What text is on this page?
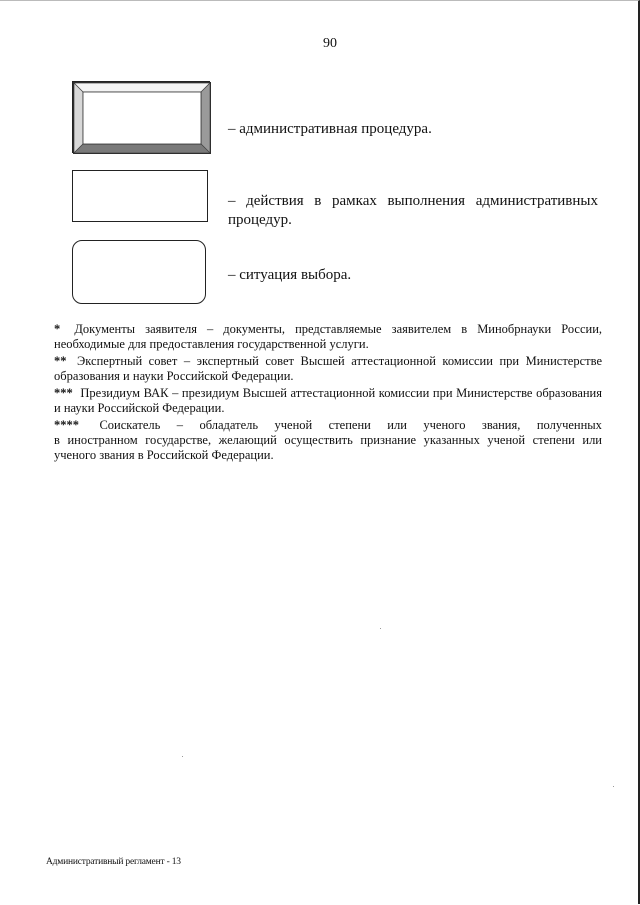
90
– административная процедура.
– действия в рамках выполнения административных процедур.
– ситуация выбора.

* Документы заявителя – документы, представляемые заявителем в Минобрнауки России, необходимые для предоставления государственной услуги.

** Экспертный совет – экспертный совет Высшей аттестационной комиссии при Министерстве образования и науки Российской Федерации.

*** Президиум ВАК – президиум Высшей аттестационной комиссии при Министерстве образования и науки Российской Федерации.

**** Соискатель – обладатель ученой степени или ученого звания, полученных
в иностранном государстве, желающий осуществить признание указанных ученой степени или ученого звания в Российской Федерации.
Административный регламент - 13
